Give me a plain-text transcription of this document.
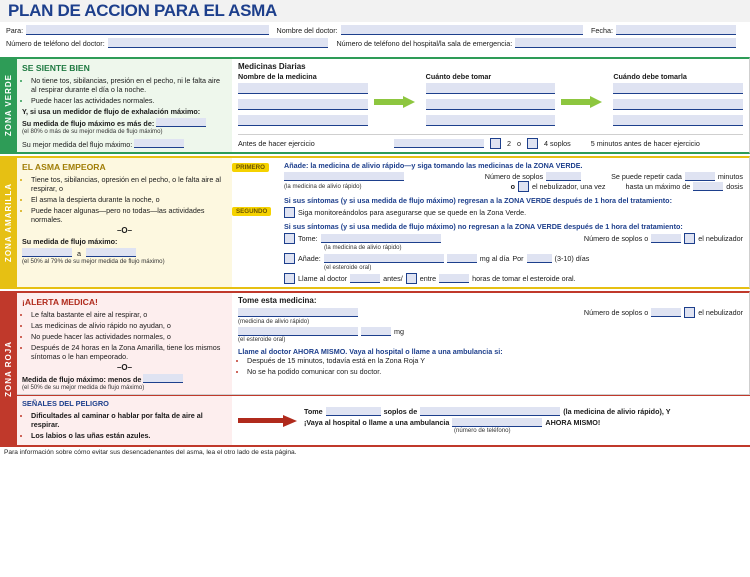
PLAN DE ACCION PARA EL ASMA
Para:	Nombre del doctor:	Fecha:
Número de teléfono del doctor:	Número de teléfono del hospital/la sala de emergencia:
ZONA VERDE
SE SIENTE BIEN
• No tiene tos, sibilancias, presión en el pecho, ni le falta aire al respirar durante el día o la noche.
• Puede hacer las actividades normales.
Y, si usa un medidor de flujo de exhalación máximo:
Su medida de flujo máximo es más de:
(el 80% o más de su mejor medida de flujo máximo)
Su mejor medida del flujo máximo:
Medicinas Diarias
Nombre de la medicina	Cuánto debe tomar	Cuándo debe tomarla
Antes de hacer ejercicio	2 o	4 soplos	5 minutos antes de hacer ejercicio
ZONA AMARILLA
EL ASMA EMPEORA
• Tiene tos, sibilancias, opresión en el pecho, o le falta aire al respirar, o
• El asma la despierta durante la noche, o
• Puede hacer algunas—pero no todas—las actividades normales.
–O–
Su medida de flujo máximo:
a
(el 50% al 79% de su mejor medida de flujo máximo)
PRIMERO
SEGUNDO
Añade: la medicina de alivio rápido—y siga tomando las medicinas de la ZONA VERDE.
Número de soplos	Se puede repetir cada	minutos
(la medicina de alivio rápido)	o el nebulizador, una vez	hasta un máximo de	dosis
Si sus síntomas (y si usa medida de flujo máximo) regresan a la ZONA VERDE después de 1 hora del tratamiento:
Siga monitoreándolos para asegurarse que se quede en la Zona Verde.
Si sus síntomas (y si usa medida de flujo máximo) no regresan a la ZONA VERDE después de 1 hora del tratamiento:
Tome:	Número de soplos o	el nebulizador
(la medicina de alivio rápido)
Añade:	mg al día Por	(3-10) días
(el esteroide oral)
Llame al doctor	antes/ entre	horas de tomar el esteroide oral.
ZONA ROJA
¡ALERTA MEDICA!
• Le falta bastante el aire al respirar, o
• Las medicinas de alivio rápido no ayudan, o
• No puede hacer las actividades normales, o
• Después de 24 horas en la Zona Amarilla, tiene los mismos síntomas o le han empeorado.
–O–
Medida de flujo máximo: menos de
(el 50% de su mejor medida de flujo máximo)
Tome esta medicina:
Número de soplos o	el nebulizador
(medicina de alivio rápido)
mg
(el esteroide oral)
Llame al doctor AHORA MISMO. Vaya al hospital o llame a una ambulancia si:
• Después de 15 minutos, todavía está en la Zona Roja Y
• No se ha podido comunicar con su doctor.
SEÑALES DEL PELIGRO
• Dificultades al caminar o hablar por falta de aire al respirar.
• Los labios o las uñas están azules.
Tome	soplos de	(la medicina de alivio rápido), Y
¡Vaya al hospital o llame a una ambulancia	AHORA MISMO!
(número de teléfono)
Para información sobre cómo evitar sus desencadenantes del asma, lea el otro lado de esta página.
